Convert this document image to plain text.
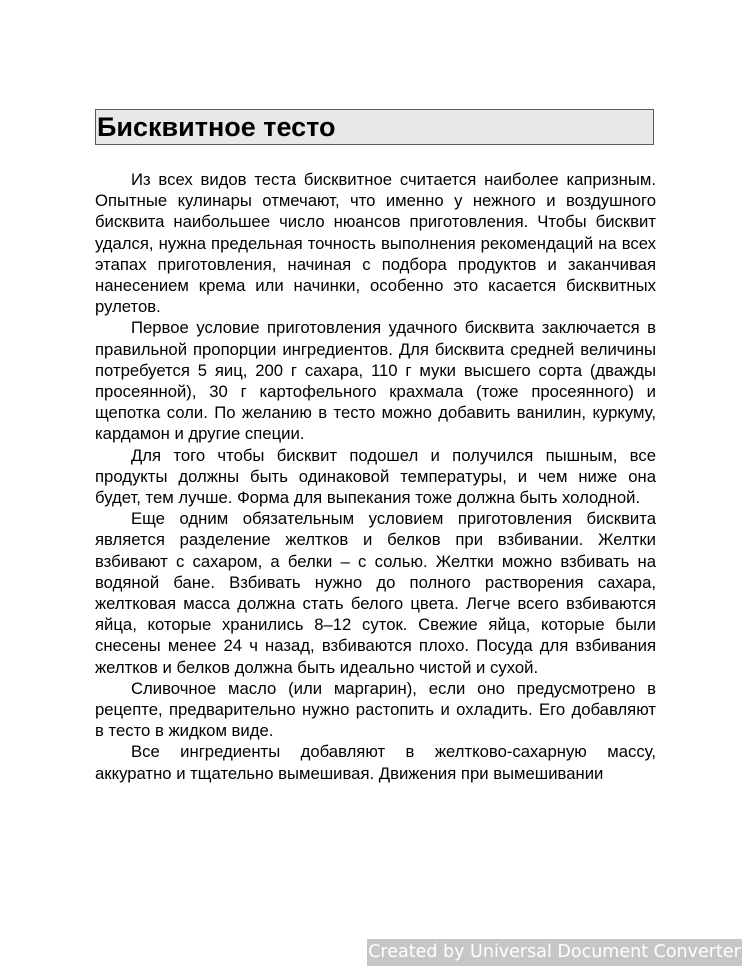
Бисквитное тесто

Из всех видов теста бисквитное считается наиболее капризным. Опытные кулинары отмечают, что именно у нежного и воздушного бисквита наибольшее число нюансов приготовления. Чтобы бисквит удался, нужна предельная точность выполнения рекомендаций на всех этапах приготовления, начиная с подбора продуктов и заканчивая нанесением крема или начинки, особенно это касается бисквитных рулетов.

Первое условие приготовления удачного бисквита заключается в правильной пропорции ингредиентов. Для бисквита средней величины потребуется 5 яиц, 200 г сахара, 110 г муки высшего сорта (дважды просеянной), 30 г картофельного крахмала (тоже просеянного) и щепотка соли. По желанию в тесто можно добавить ванилин, куркуму, кардамон и другие специи.

Для того чтобы бисквит подошел и получился пышным, все продукты должны быть одинаковой температуры, и чем ниже она будет, тем лучше. Форма для выпекания тоже должна быть холодной.

Еще одним обязательным условием приготовления бисквита является разделение желтков и белков при взбивании. Желтки взбивают с сахаром, а белки – с солью. Желтки можно взбивать на водяной бане. Взбивать нужно до полного растворения сахара, желтковая масса должна стать белого цвета. Легче всего взбиваются яйца, которые хранились 8–12 суток. Свежие яйца, которые были снесены менее 24 ч назад, взбиваются плохо. Посуда для взбивания желтков и белков должна быть идеально чистой и сухой.

Сливочное масло (или маргарин), если оно предусмотрено в рецепте, предварительно нужно растопить и охладить. Его добавляют в тесто в жидком виде.

Все ингредиенты добавляют в желтково-сахарную массу, аккуратно и тщательно вымешивая. Движения при вымешивании

Created by Universal Document Converter
